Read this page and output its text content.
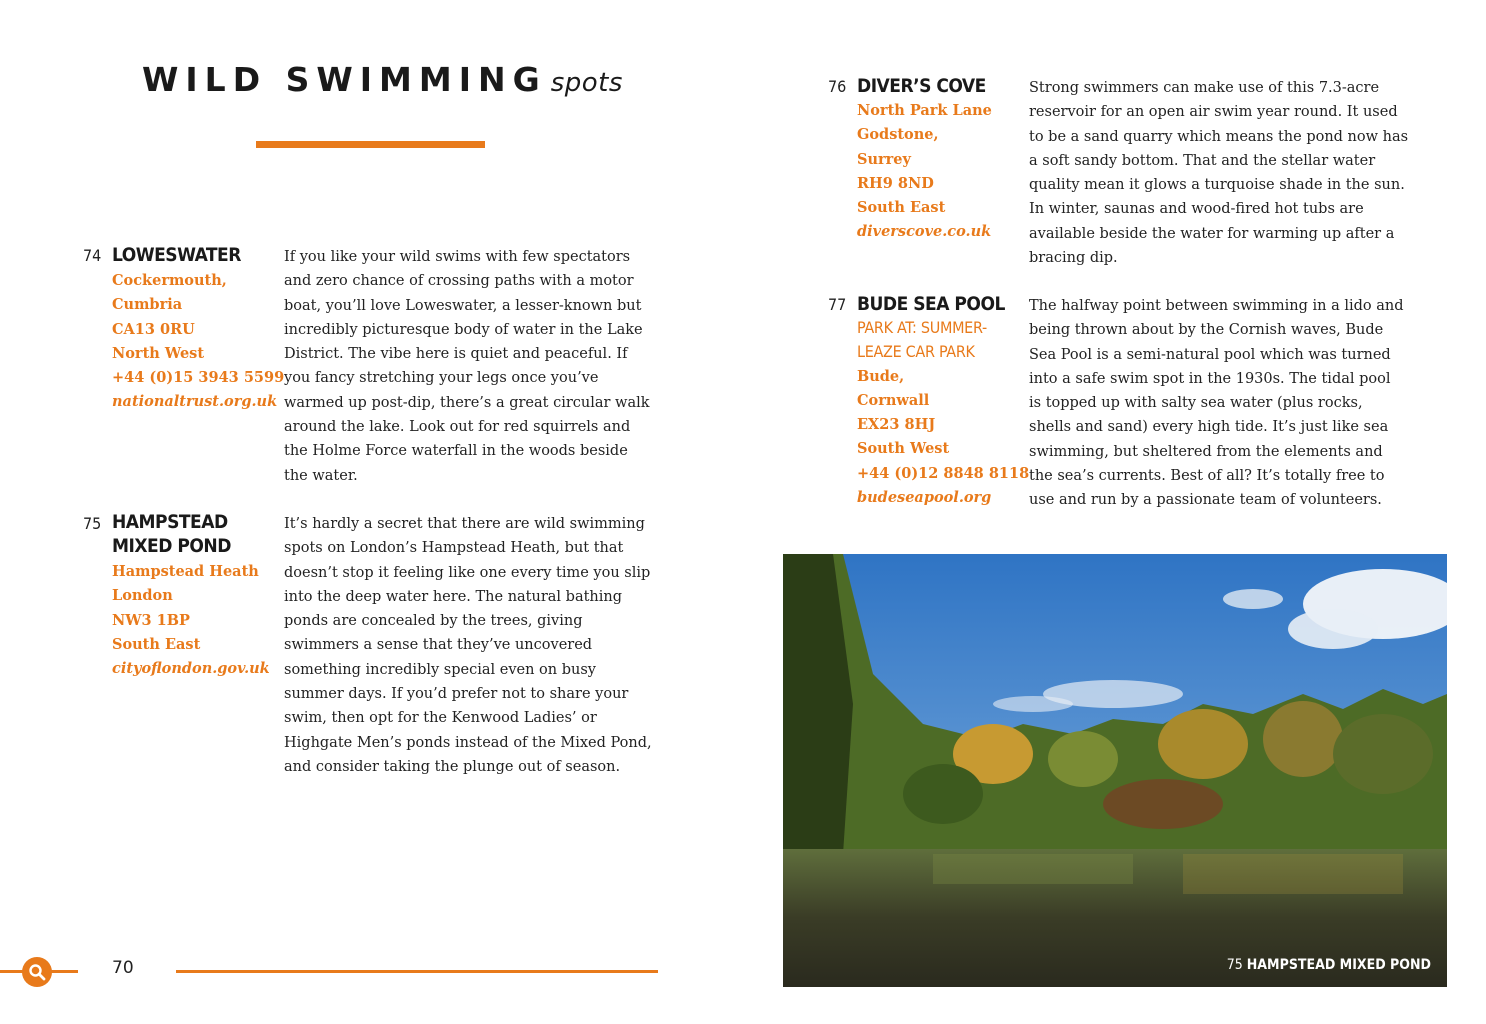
WILD SWIMMING spots
74 LOWESWATER
Cockermouth,
Cumbria
CA13 0RU
North West
+44 (0)15 3943 5599
nationaltrust.org.uk
If you like your wild swims with few spectators and zero chance of crossing paths with a motor boat, you’ll love Loweswater, a lesser-known but incredibly picturesque body of water in the Lake District. The vibe here is quiet and peaceful. If you fancy stretching your legs once you’ve warmed up post-dip, there’s a great circular walk around the lake. Look out for red squirrels and the Holme Force waterfall in the woods beside the water.
75 HAMPSTEAD MIXED POND
Hampstead Heath
London
NW3 1BP
South East
cityoflondon.gov.uk
It’s hardly a secret that there are wild swimming spots on London’s Hampstead Heath, but that doesn’t stop it feeling like one every time you slip into the deep water here. The natural bathing ponds are concealed by the trees, giving swimmers a sense that they’ve uncovered something incredibly special even on busy summer days. If you’d prefer not to share your swim, then opt for the Kenwood Ladies’ or Highgate Men’s ponds instead of the Mixed Pond, and consider taking the plunge out of season.
76 DIVER’S COVE
North Park Lane
Godstone,
Surrey
RH9 8ND
South East
diverscove.co.uk
Strong swimmers can make use of this 7.3-acre reservoir for an open air swim year round. It used to be a sand quarry which means the pond now has a soft sandy bottom. That and the stellar water quality mean it glows a turquoise shade in the sun. In winter, saunas and wood-fired hot tubs are available beside the water for warming up after a bracing dip.
77 BUDE SEA POOL
PARK AT: SUMMER-
LEAZE CAR PARK
Bude,
Cornwall
EX23 8HJ
South West
+44 (0)12 8848 8118
budeseapool.org
The halfway point between swimming in a lido and being thrown about by the Cornish waves, Bude Sea Pool is a semi-natural pool which was turned into a safe swim spot in the 1930s. The tidal pool is topped up with salty sea water (plus rocks, shells and sand) every high tide. It’s just like sea swimming, but sheltered from the elements and the sea’s currents. Best of all? It’s totally free to use and run by a passionate team of volunteers.
75 HAMPSTEAD MIXED POND
70
